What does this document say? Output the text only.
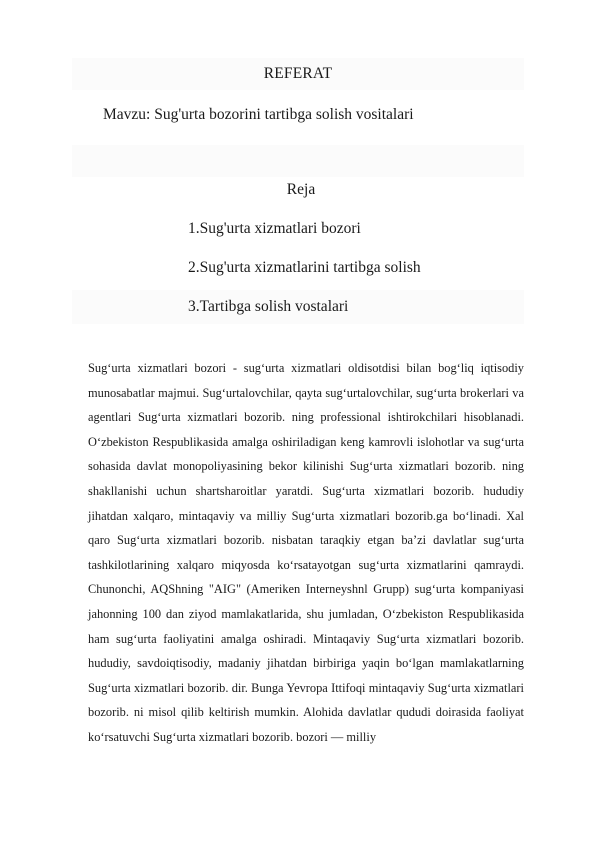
REFERAT
Mavzu: Sug'urta bozorini tartibga solish vositalari
Reja
1.Sug'urta xizmatlari bozori
2.Sug'urta xizmatlarini tartibga solish
3.Tartibga solish vostalari
Sug‘urta xizmatlari bozori - sug‘urta xizmatlari oldisotdisi bilan bog‘liq iqtisodiy munosabatlar majmui. Sug‘urtalovchilar, qayta sug‘urtalovchilar, sug‘urta brokerlari va agentlari Sug‘urta xizmatlari bozorib. ning professional ishtirokchilari hisoblanadi. O‘zbekiston Respublikasida amalga oshiriladigan keng kamrovli islohotlar va sug‘urta sohasida davlat monopoliyasining bekor kilinishi Sug‘urta xizmatlari bozorib. ning shakllanishi uchun shartsharoitlar yaratdi. Sug‘urta xizmatlari bozorib. hududiy jihatdan xalqaro, mintaqaviy va milliy Sug‘urta xizmatlari bozorib.ga bo‘linadi. Xal qaro Sug‘urta xizmatlari bozorib. nisbatan taraqkiy etgan ba’zi davlatlar sug‘urta tashkilotlarining xalqaro miqyosda ko‘rsatayotgan sug‘urta xizmatlarini qamraydi. Chunonchi, AQShning "AIG" (Ameriken Interneyshnl Grupp) sug‘urta kompaniyasi jahonning 100 dan ziyod mamlakatlarida, shu jumladan, O‘zbekiston Respublikasida ham sug‘urta faoliyatini amalga oshiradi. Mintaqaviy Sug‘urta xizmatlari bozorib. hududiy, savdoiqtisodiy, madaniy jihatdan birbiriga yaqin bo‘lgan mamlakatlarning Sug‘urta xizmatlari bozorib. dir. Bunga Yevropa Ittifoqi mintaqaviy Sug‘urta xizmatlari bozorib. ni misol qilib keltirish mumkin. Alohida davlatlar qududi doirasida faoliyat ko‘rsatuvchi Sug‘urta xizmatlari bozorib. bozori — milliy
